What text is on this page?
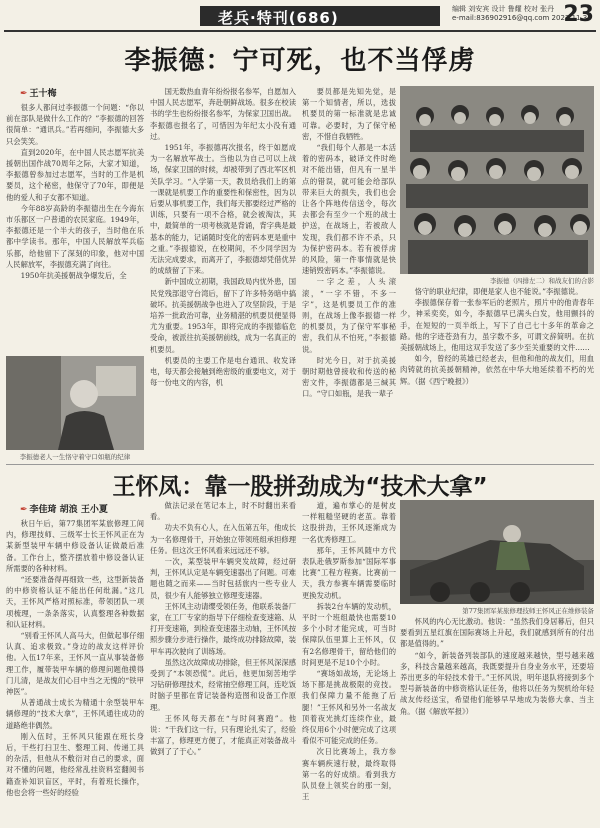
老兵·特刊(686)	编辑 刘安宾 设计 鲁耀 校对 张丹
e-mail:836902916@qq.com 2023.11.3
23
李振德：宁可死，也不当俘虏
✒ 王十梅

很多人都问过李振德一个问题：“你以前在部队是做什么工作的？”李振德的回答很简单：“通讯兵。”若再细问，李振德大多只会笑笑。

直到2020年，在中国人民志愿军抗美援朝出国作战70周年之际，大家才知道，李振德曾参加过志愿军，当时的工作是机要员，这个秘密，他保守了70年，即便是他的爱人和子女都不知道。

今年88岁高龄的李振德出生在今海东市乐都区一户普通的农民家庭。1949年，李振德还是一个半大的孩子，当时他在乐都中学读书。那年，中国人民解放军兵临乐都，给他留下了深刻的印象，他对中国人民解放军，李振德充满了向往。

1950年抗美援朝战争爆发后，全

李振德老人一生恪守着守口如瓶的纪律

国无数热血青年纷纷报名参军，自愿加入中国人民志愿军，奔赴朝鲜战场。很多在校读书的学生也纷纷报名参军，为保家卫国出战。李振德也报名了，可惜因为年纪太小没有通过。

1951年，李振德再次报名，终于如愿成为一名解放军战士。当他以为自己可以上战场，保家卫国的时候，却被带到了西北军区机关队学习。“入学第一天，教员给我们上的第一课就是机要工作的重要性和保密性，因为以后要从事机要工作，我们每天都要经过严格的训练，只要有一项不合格，就会被淘汰，其中，最简单的一项考核就是背诵，背字典是最基本的能力，记诵随时变化的密码本更是重中之重。”李振德说，在校期间，不少同学因为无法完成要求，而离开了，李振德却凭借优异的成绩留了下来。

新中国成立初期，我国政局内忧外患，国民党残部退守台湾后，留下了许多特务暗中搞破坏。抗美援朝战争也进入了攻坚阶段，于是培养一批政治可靠，业务精湛的机要员便显得尤为重要。1953年，即将完成的李振德临危受命，被派往抗美援朝前线，成为一名真正的机要员。

机要员的主要工作是电台通讯、收发译电，每天都会接触到绝密级的重要电文，对于每一份电文的内容，机

要员都是先知先觉，是第一个知情者，所以，选拔机要员的第一标准就是忠诚可靠。必要时，为了保守秘密，不惜自我牺牲。

“我们每个人都是一本活着的密码本，破译文件时绝对不能出错，但凡有一星半点的错误，就可能会给部队带来巨大的损失，我们也会让各个阵地传信送令，每次去都会有至少一个班的战士护送，在战场上，若被敌人发现，我们都不许不杀，只为保护密码本。若有被俘虏的风险，第一件事情就是快速销毁密码本。”李振德说。

一字之差，人头滚滚，“一字不错，不多一字”，这是机要员工作的准则，在战场上像李振德一样的机要员，为了保守军事秘密，我们从不怕死，”李振德说。

时光今日，对于抗美援朝时期他曾接收和传送的秘密文件，李振德都是三缄其口。“守口如瓶，是我一辈子

李振德（四排左二）和战友们的合影

恪守的职业纪律，即便是家人也不能说。”李振德说。

李振德保存着一张参军后的老照片，照片中的他青春年少，神采奕奕，如今，李振德早已满头白发，他用颤抖的手，在短短的一页半纸上，写下了自己七十多年的革命之路。他的字迹苍劲有力，虽字数不多，可谓文辞简明。在抗美援朝战场上，他用这双手发送了多少至关重要的文件……

如今，曾经的英雄已经老去，但他和他的战友们，用血肉铸就的抗美援朝精神，依然在中华大地延续着不朽的光辉。（据《西宁晚报》）

王怀凤：靠一股拼劲成为“技术大拿”
✒ 李佳琦 胡浪 王小夏

秋日午后，第77集团军某旅修理工间内，修理技师、三级军士长王怀风正在为某新型装甲车辆中修设备认证做最后准备。工作台上，整齐摆放着中修设备认证所需要的各种材料。

“还要准备得再细致一些，这型新装备的中修资格认证不能出任何纰漏。”这几天，王怀风严格对照标准，带领团队一项项梳理，一条条落实，认真整理各种数据和认证材料。

“别看王怀风人高马大，但做起事仔细认真、追求极致。”身边的战友这样评价他。入伍17年来，王怀风一直从事装备修理工作，履带装甲车辆的修理问题他摸得门儿清，是战友们心目中当之无愧的“铁甲神医”。

从普通战士成长为精通十余型装甲车辆修理的“技术大拿”，王怀风通往成功的道路绝非偶然。

刚入伍时，王怀风只能跟在班长身后，干些打扫卫生、整理工间、传递工具的杂活，但他从不敷衍对自己的要求，面对不懂的问题，他经常乱挂资料室翻阅书籍查补知识盲区，平时，有着班长操作，他也会将一些好的经验

做法记录在笔记本上，时不时翻出来看看。

功夫不负有心人，在入伍第五年，他成长为一名修理骨干，开始独立带领班组承担修理任务。但这次王怀风看来远远还不够。

一次，某型装甲车辆突发故障，经过研判，王怀风认定是车辆变速器出了问题。可难题也随之而来——当时包括旅内一些专业人员，很少有人能够独立修理变速器。

王怀风主动请缨受领任务，他联系装备厂家，在工厂专家的指导下仔细检查变速箱、从打开变速箱，到检查变速器主动轴，王怀风按照步骤分步进行操作，最终成功排除故障，装甲车再次驶向了训练场。

虽然这次故障成功排除，但王怀风深深感受到了“本领恐慌”。此后，他更加刻苦地学习钻研修理技术，经常抽空修理工间，连吃饭时脑子里都在背记装备构造图和设备工作原理。

王怀风每天都在“与时间赛跑”。他说：“干我们这一行，只有理论扎实了，经验丰富了，修理更方便了，才能真正对装备战斗做到了了于心。”

道，遍布掌心的是树皮一样粗糙坚硬的老茧。靠着这股拼劲，王怀风逐渐成为一名优秀修理工。

那年，王怀风随中方代表队赴俄罗斯参加“国际军事比赛”工程方程赛。比赛前一天，我方参赛车辆需要临时更换发动机。

拆装2台车辆的发动机，平时一个班组最快也需要10多个小时才能完成，可当时保障队伍里算上王怀风，仅有2名修理骨干，留给他们的时间更是不足10个小时。

“赛场如战场，无论场上场下都是挑战极限的竞技。我们保障力量不能拖了后腿！”王怀风和另外一名战友顶着夜光挑灯连续作业，最终仅用6个小时便完成了这项看似不可能完成的任务。

次日比赛场上，我方参赛车辆疾速行驶，最终取得第一名的好成绩。看到我方队员登上领奖台的那一刻，王

第77集团军某旅修理技师王怀风正在维修装备

怀风的内心无比激动。他说：“虽然我们身居幕后，但只要看到五星红旗在国际赛场上升起，我们就感到所有的付出都是值得的。”

“如今，新装备列装部队的速度越来越快，型号越来越多，科技含量越来越高，我既要提升自身业务水平，还要培养出更多的年轻技术骨干。”王怀风说，明年退队将接到多个型号新装备的中修资格认证任务，他将以任务为契机给年轻战友传经送宝，希望他们能够早早地成为装修大拿、当主角。（据《解放军报》）
